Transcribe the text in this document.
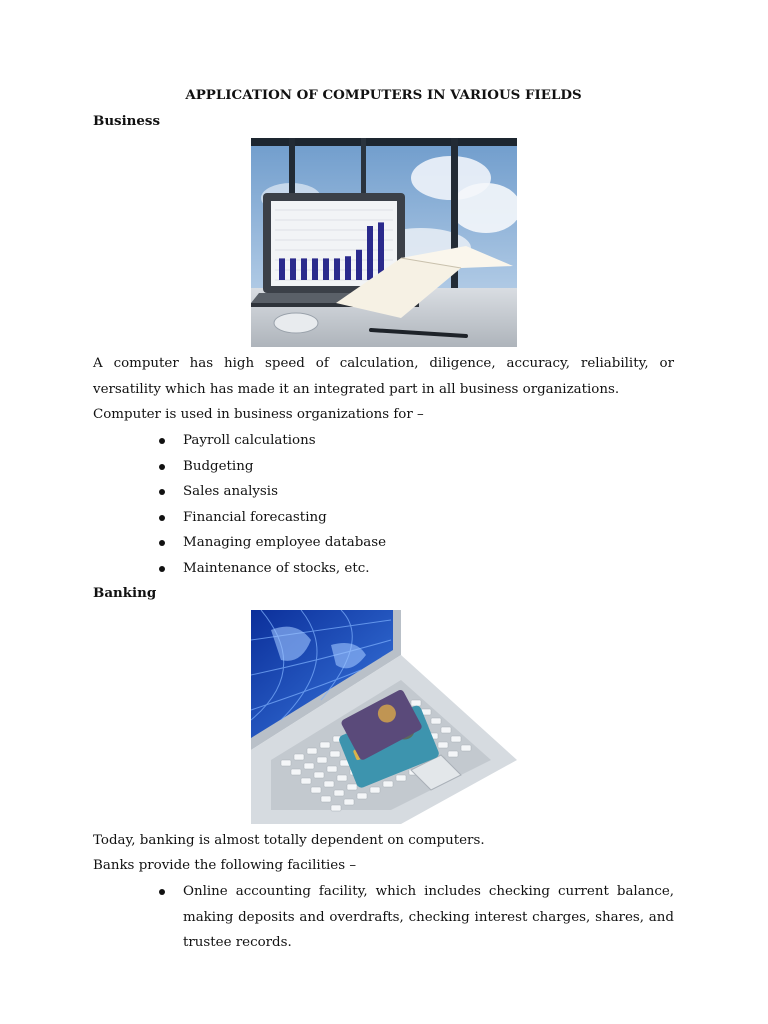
APPLICATION OF COMPUTERS IN VARIOUS FIELDS
Business

A computer has high speed of calculation, diligence, accuracy, reliability, or versatility which has made it an integrated part in all business organizations.

Computer is used in business organizations for –

Payroll calculations
Budgeting
Sales analysis
Financial forecasting
Managing employee database
Maintenance of stocks, etc.
Banking

Today, banking is almost totally dependent on computers.

Banks provide the following facilities –

Online accounting facility, which includes checking current balance, making deposits and overdrafts, checking interest charges, shares, and trustee records.
